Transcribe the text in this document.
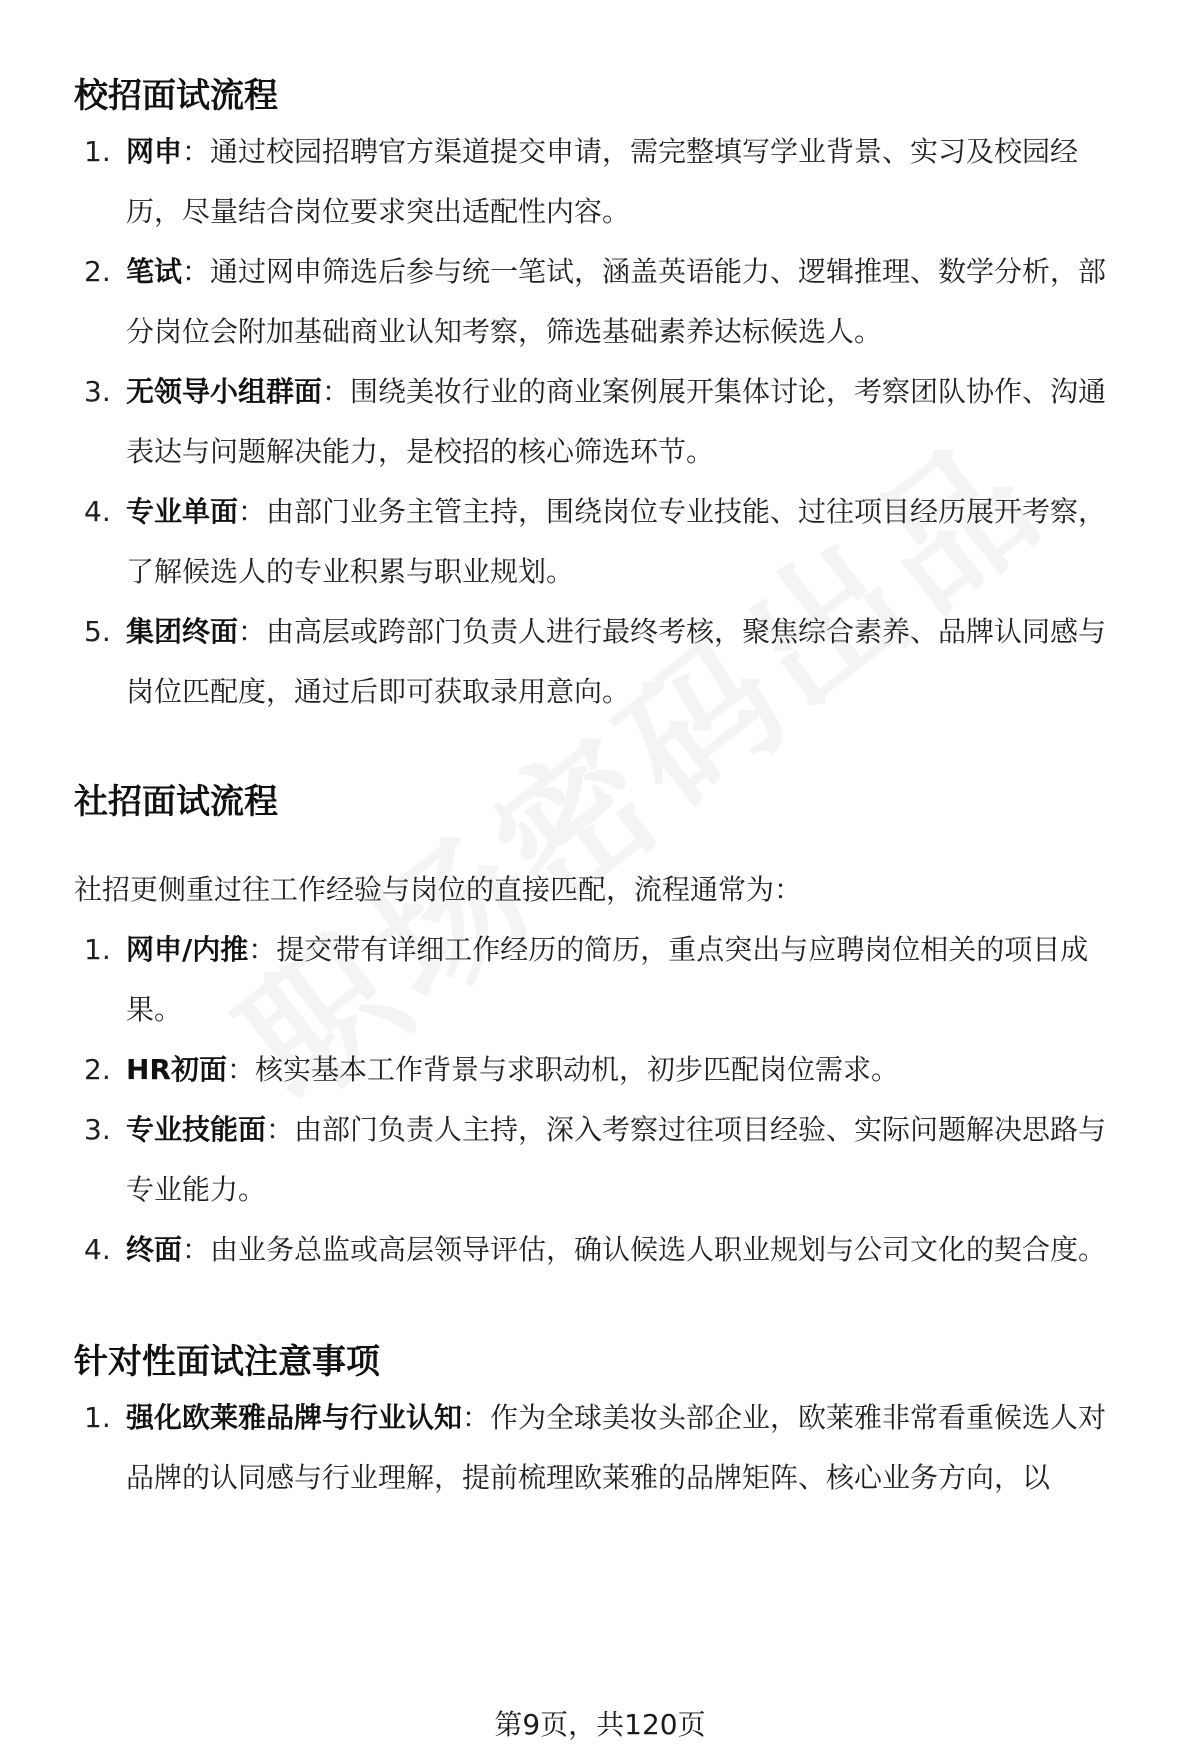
校招面试流程
1. 网申：通过校园招聘官方渠道提交申请，需完整填写学业背景、实习及校园经历，尽量结合岗位要求突出适配性内容。
2. 笔试：通过网申筛选后参与统一笔试，涵盖英语能力、逻辑推理、数学分析，部分岗位会附加基础商业认知考察，筛选基础素养达标候选人。
3. 无领导小组群面：围绕美妆行业的商业案例展开集体讨论，考察团队协作、沟通表达与问题解决能力，是校招的核心筛选环节。
4. 专业单面：由部门业务主管主持，围绕岗位专业技能、过往项目经历展开考察，了解候选人的专业积累与职业规划。
5. 集团终面：由高层或跨部门负责人进行最终考核，聚焦综合素养、品牌认同感与岗位匹配度，通过后即可获取录用意向。
社招面试流程

社招更侧重过往工作经验与岗位的直接匹配，流程通常为：

1. 网申/内推：提交带有详细工作经历的简历，重点突出与应聘岗位相关的项目成果。
2. HR初面：核实基本工作背景与求职动机，初步匹配岗位需求。
3. 专业技能面：由部门负责人主持，深入考察过往项目经验、实际问题解决思路与专业能力。
4. 终面：由业务总监或高层领导评估，确认候选人职业规划与公司文化的契合度。
针对性面试注意事项
1. 强化欧莱雅品牌与行业认知：作为全球美妆头部企业，欧莱雅非常看重候选人对品牌的认同感与行业理解，提前梳理欧莱雅的品牌矩阵、核心业务方向，以
第9页，共120页
